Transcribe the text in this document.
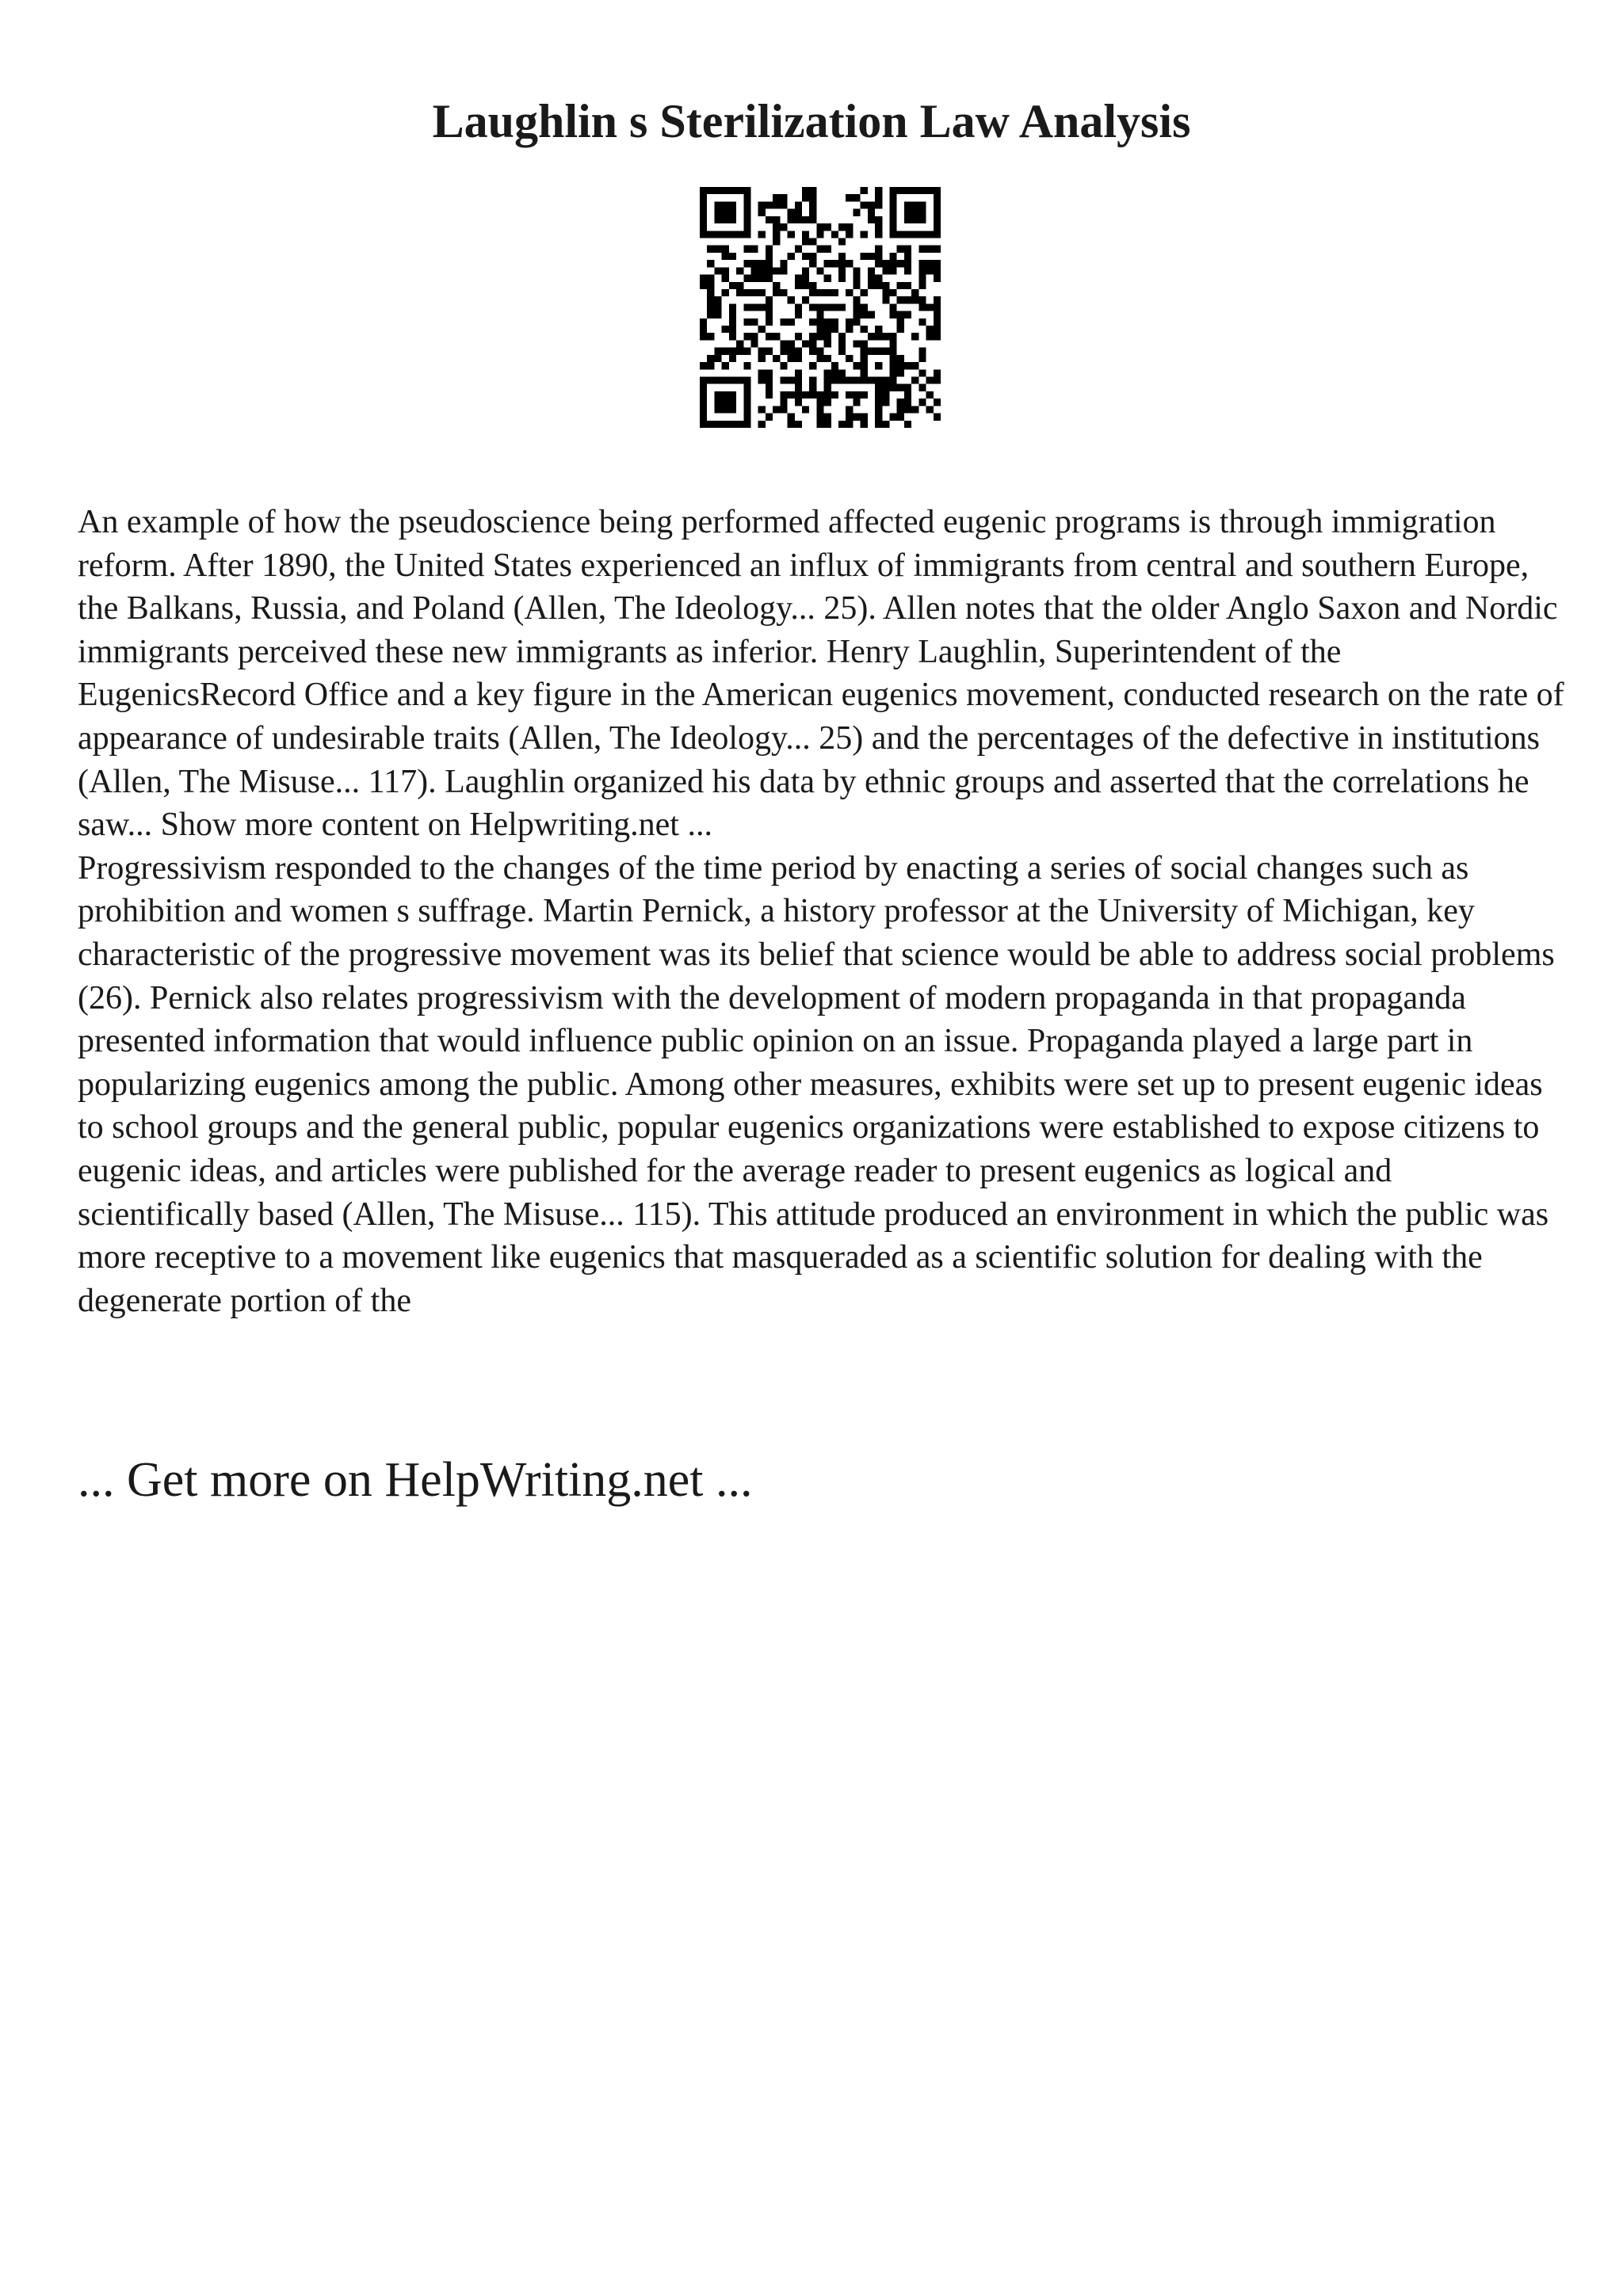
Laughlin s Sterilization Law Analysis

An example of how the pseudoscience being performed affected eugenic programs is through immigration reform. After 1890, the United States experienced an influx of immigrants from central and southern Europe, the Balkans, Russia, and Poland (Allen, The Ideology... 25). Allen notes that the older Anglo Saxon and Nordic immigrants perceived these new immigrants as inferior. Henry Laughlin, Superintendent of the EugenicsRecord Office and a key figure in the American eugenics movement, conducted research on the rate of appearance of undesirable traits (Allen, The Ideology... 25) and the percentages of the defective in institutions (Allen, The Misuse... 117). Laughlin organized his data by ethnic groups and asserted that the correlations he saw... Show more content on Helpwriting.net ...

Progressivism responded to the changes of the time period by enacting a series of social changes such as prohibition and women s suffrage. Martin Pernick, a history professor at the University of Michigan, key characteristic of the progressive movement was its belief that science would be able to address social problems (26). Pernick also relates progressivism with the development of modern propaganda in that propaganda presented information that would influence public opinion on an issue. Propaganda played a large part in popularizing eugenics among the public. Among other measures, exhibits were set up to present eugenic ideas to school groups and the general public, popular eugenics organizations were established to expose citizens to eugenic ideas, and articles were published for the average reader to present eugenics as logical and scientifically based (Allen, The Misuse... 115). This attitude produced an environment in which the public was more receptive to a movement like eugenics that masqueraded as a scientific solution for dealing with the degenerate portion of the

... Get more on HelpWriting.net ...
